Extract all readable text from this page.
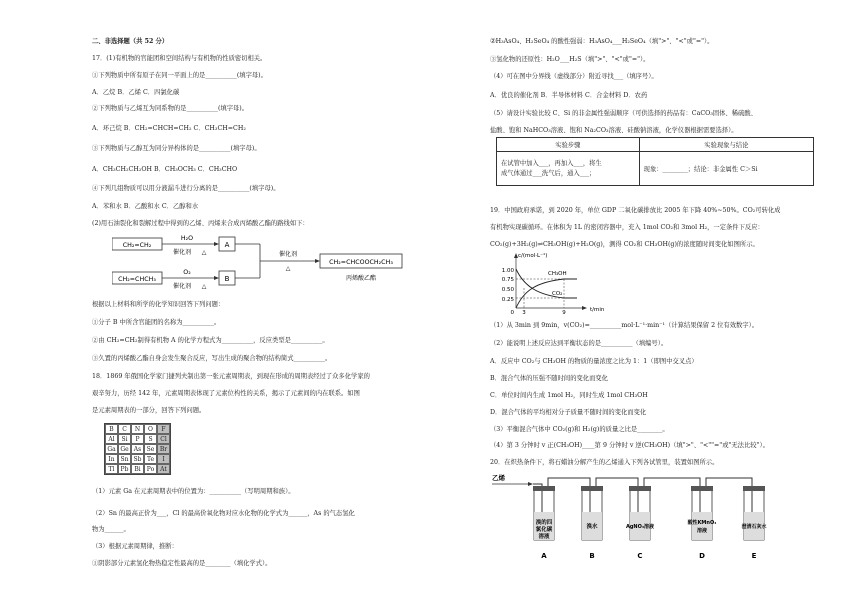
二、非选择题（共 52 分）
17．(1)有机物的官能团和空间结构与有机物的性质密切相关。
①下列物质中所有原子在同一平面上的是__________(填字母)。
A．乙烷 B．乙烯 C．四氯化碳
②下列物质与乙烯互为同系物的是__________(填字母)。
A．环己烷 B．CH₂=CHCH=CH₂ C．CH₃CH=CH₂
③下列物质与乙醇互为同分异构体的是__________(填字母)。
A．CH₃CH₂CH₂OH B．CH₃OCH₃ C．CH₃CHO
④下列几组物质可以用分液漏斗进行分离的是__________(填字母)。
A．苯和水 B．乙酸和水 C．乙醇和水
(2)用石油裂化和裂解过程中得到的乙烯、丙烯来合成丙烯酸乙酯的路线如下：
CH₂=CH₂
H₂O
催化剂 △
A
CH₂=CHCH₃
O₂
催化剂 △
B
催化剂
△
CH₂=CHCOOCH₂CH₃
丙烯酸乙酯
根据以上材料和所学的化学知识回答下列问题：
①分子 B 中所含官能团的名称为__________。
②由 CH₂=CH₂制得有机物 A 的化学方程式为__________，反应类型是__________。
③久置的丙烯酸乙酯自身会发生聚合反应，写出生成的聚合物的结构简式__________。
18．1869 年俄国化学家门捷列夫制出第一张元素周期表，到现在形成的周期表经过了众多化学家的
艰辛努力，历经 142 年，元素周期表体现了元素位构性的关系，揭示了元素间的内在联系。如图
是元素周期表的一部分，回答下列问题。
B	C	N	O	F
Al	Si	P	S	Cl
Ga Ge As Se Br
In Sn Sb Te	I
Tl	Pb Bi	Po At
（1）元素 Ga 在元素周期表中的位置为：__________（写明周期和族）。
（2）Sn 的最高正价为___，Cl 的最高价氧化物对应水化物的化学式为______，As 的气态氢化
物为______。
（3）根据元素周期律，推断：
①阴影部分元素氢化物热稳定性最高的是________（填化学式）。
②H₃AsO₄、H₂SeO₄ 的酸性强弱：H₃AsO₄___H₂SeO₄（填">"、"<"或"="）。
③氢化物的还原性：H₂O___H₂S（填">"、"<"或"="）。
（4）可在图中分界线（虚线部分）附近寻找___（填序号）。
A．优良的催化剂 B．半导体材料 C．合金材料 D．农药
（5）请设计实验比较 C、Si 的非金属性强弱顺序（可供选择的药品有：CaCO₃固体、稀硫酸、
盐酸、饱和 NaHCO₃溶液、饱和 Na₂CO₃溶液、硅酸钠溶液，化学仪器根据需要选择）。
实验步骤	实验现象与结论

在试管中加入___，再加入___，将生
成气体通过___洗气后，通入___；	现象：________；结论：非金属性 C＞Si
19．中国政府承诺，到 2020 年，单位 GDP 二氧化碳排放比 2005 年下降 40%~50%。CO₂可转化成
有机物实现碳循环。在体积为 1L 的密闭容器中，充入 1mol CO₂和 3mol H₂，一定条件下反应：
CO₂(g)+3H₂(g)⇌CH₃OH(g)+H₂O(g)，测得 CO₂和 CH₃OH(g)的浓度随时间变化如图所示。
c/(mol·L⁻¹)
t/min
1.00
0.75
0.50
0.25
0 3	9
CH₃OH
CO₂
（1）从 3min 到 9min，v(CO₂)=__________mol·L⁻¹·min⁻¹（计算结果保留 2 位有效数字）。
（2）能说明上述反应达到平衡状态的是__________（填编号）。
A．反应中 CO₂与 CH₃OH 的物质的量浓度之比为 1：1（即图中交叉点）
B．混合气体的压强不随时间的变化而变化
C．单位时间内生成 1mol H₂，同时生成 1mol CH₃OH
D．混合气体的平均相对分子质量不随时间的变化而变化
（3）平衡混合气体中 CO₂(g)和 H₂(g)的质量之比是________。
（4）第 3 分钟时 v 正(CH₃OH)____第 9 分钟时 v 逆(CH₃OH)（填">"、"<""="或"无法比较"）。
20．在炽热条件下，将石蜡油分解产生的乙烯通入下列各试管里，装置如图所示。
乙烯
溴的四
氯化碳
溶液
溴水	AgNO₃溶液
酸性KMnO₄
溶液
澄清石灰水
A	B	C	D	E
